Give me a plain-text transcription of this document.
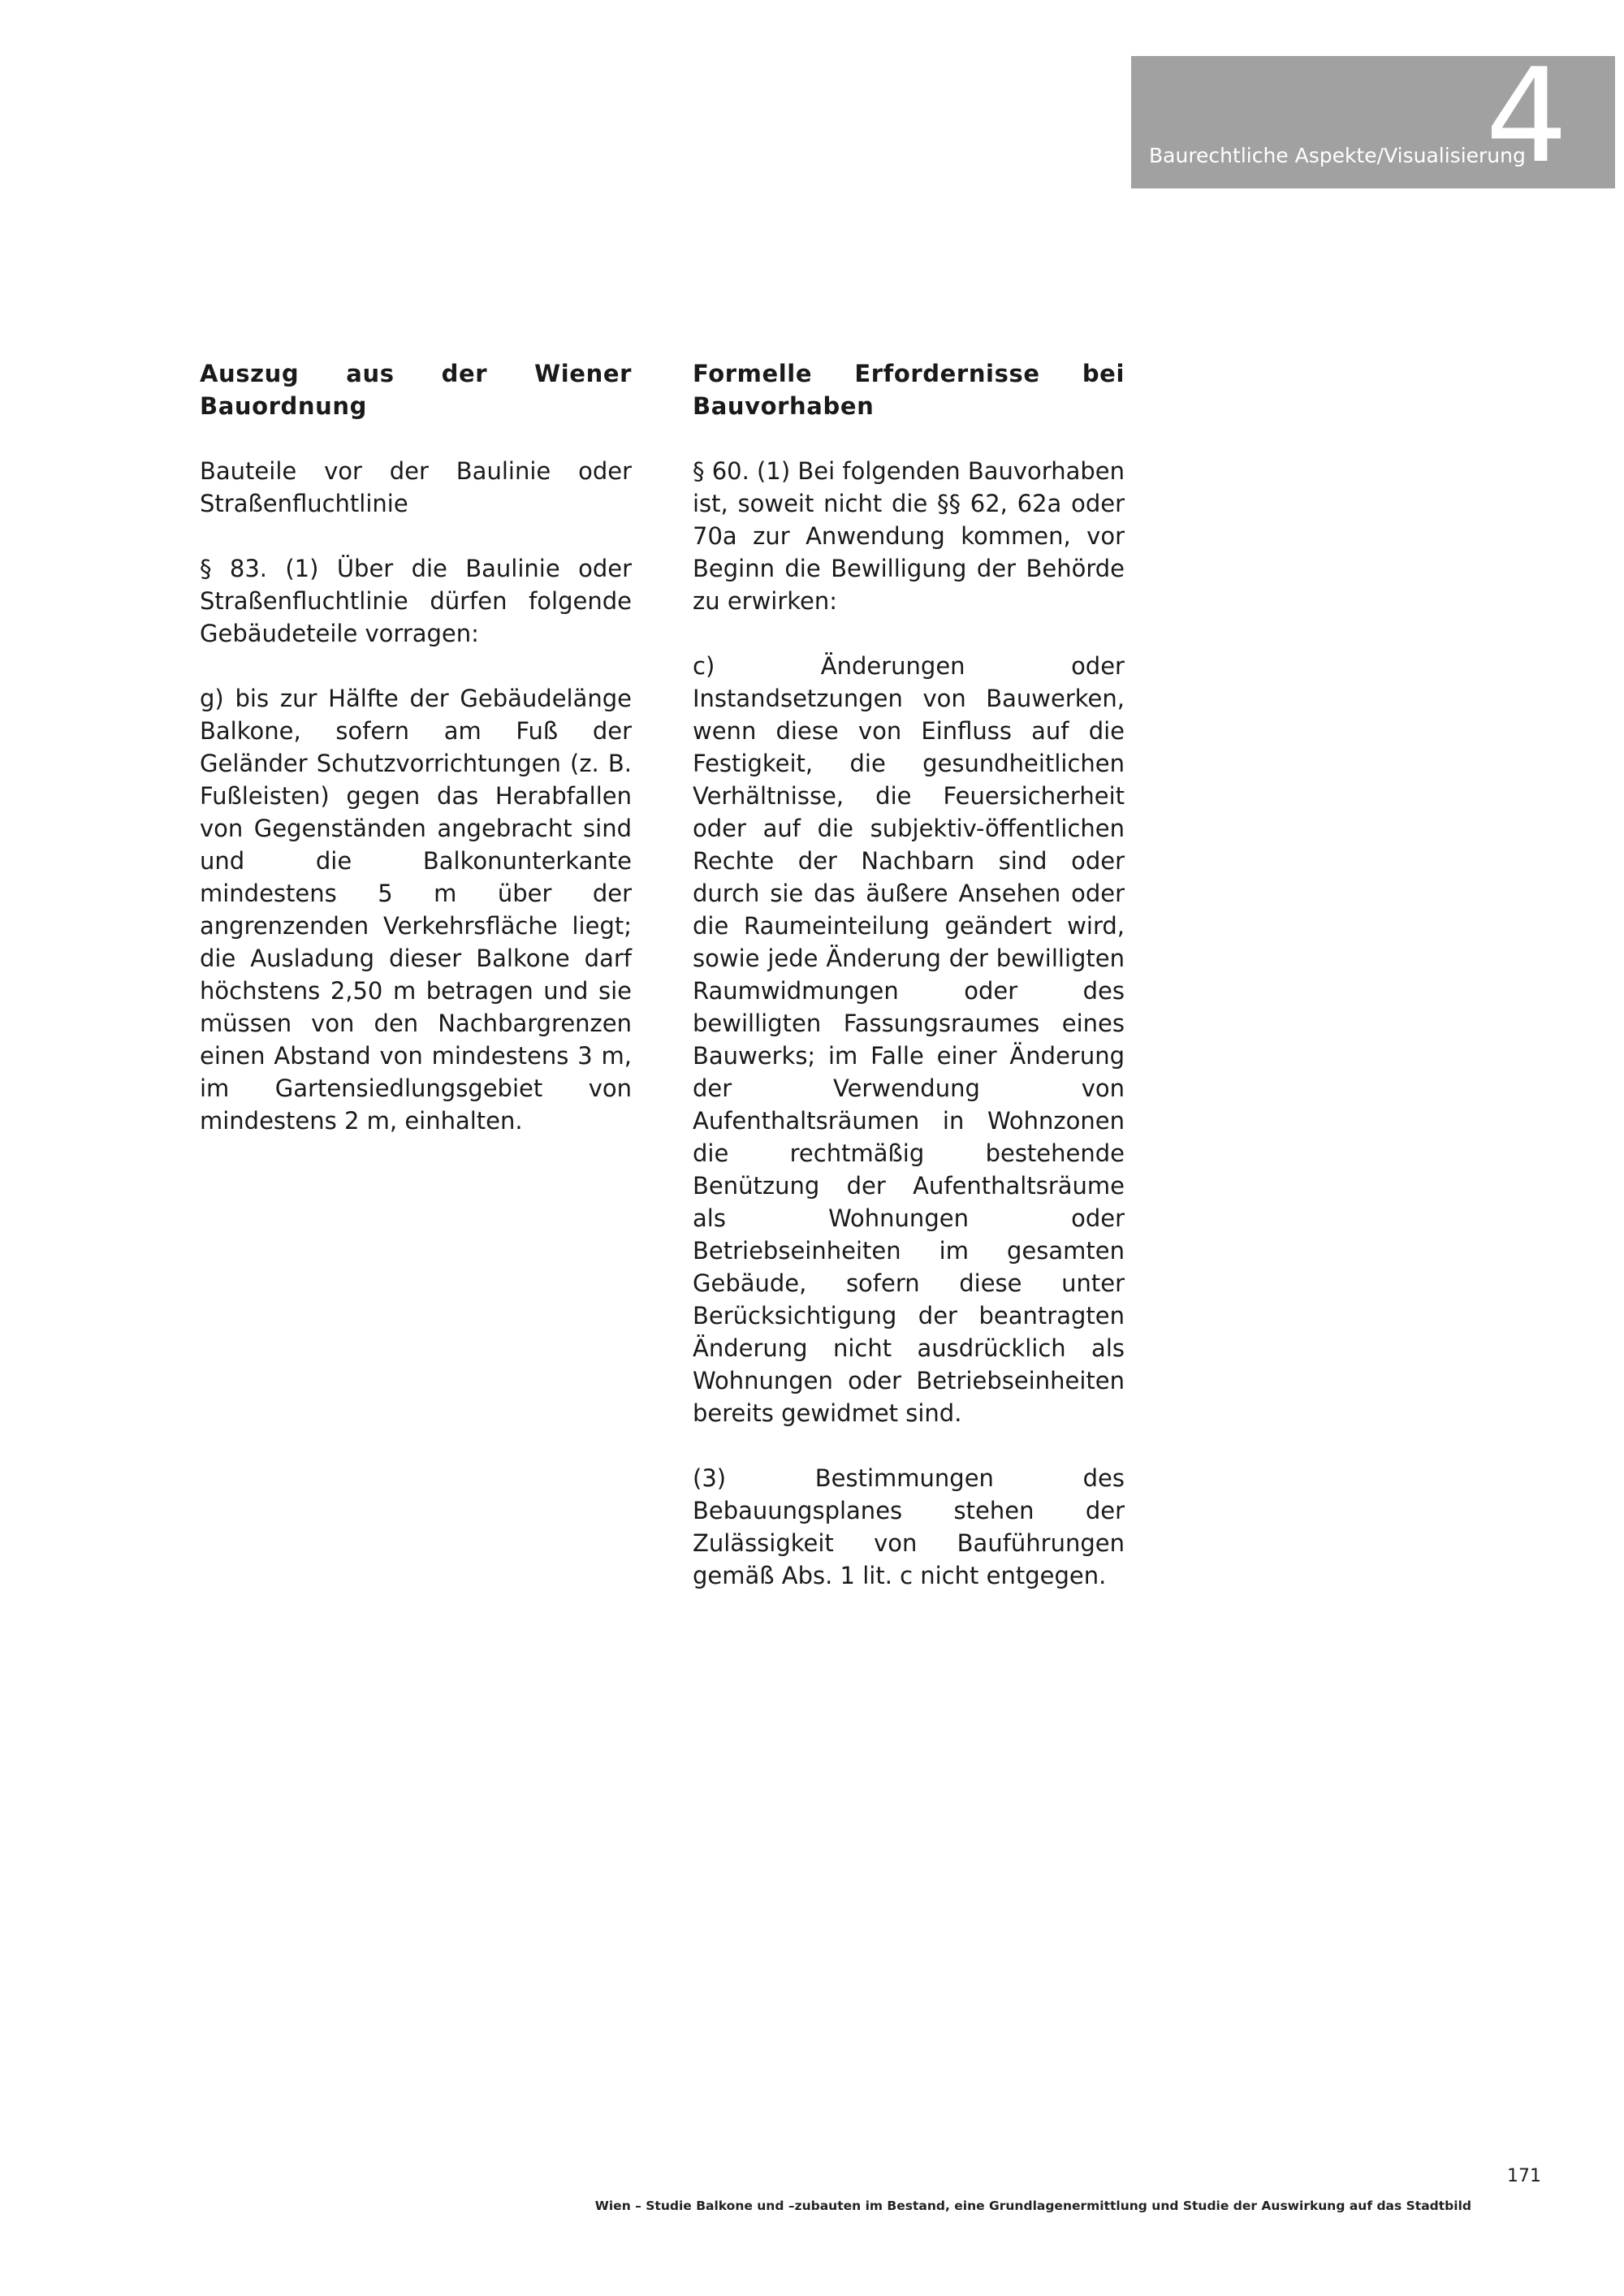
Baurechtliche Aspekte/Visualisierung
4
Auszug aus der Wiener Bauordnung

Bauteile vor der Baulinie oder Straßenfluchtlinie

§ 83. (1) Über die Baulinie oder Straßenfluchtlinie dürfen folgende Gebäudeteile vorragen:

g) bis zur Hälfte der Gebäudelänge Balkone, sofern am Fuß der Geländer Schutzvorrichtungen (z. B. Fußleisten) gegen das Herabfallen von Gegenständen angebracht sind und die Balkonunterkante mindestens 5 m über der angrenzenden Verkehrsfläche liegt; die Ausladung dieser Balkone darf höchstens 2,50 m betragen und sie müssen von den Nachbargrenzen einen Abstand von mindestens 3 m, im Gartensiedlungsgebiet von mindestens 2 m, einhalten.

Formelle Erfordernisse bei Bauvorhaben

§ 60. (1) Bei folgenden Bauvorhaben ist, soweit nicht die §§ 62, 62a oder 70a zur Anwendung kommen, vor Beginn die Bewilligung der Behörde zu erwirken:

c) Änderungen oder Instandsetzungen von Bauwerken, wenn diese von Einfluss auf die Festigkeit, die gesundheitlichen Verhältnisse, die Feuersicherheit oder auf die subjektiv-öffentlichen Rechte der Nachbarn sind oder durch sie das äußere Ansehen oder die Raumeinteilung geändert wird, sowie jede Änderung der bewilligten Raumwidmungen oder des bewilligten Fassungsraumes eines Bauwerks; im Falle einer Änderung der Verwendung von Aufenthaltsräumen in Wohnzonen die rechtmäßig bestehende Benützung der Aufenthaltsräume als Wohnungen oder Betriebseinheiten im gesamten Gebäude, sofern diese unter Berücksichtigung der beantragten Änderung nicht ausdrücklich als Wohnungen oder Betriebseinheiten bereits gewidmet sind.

(3) Bestimmungen des Bebauungsplanes stehen der Zulässigkeit von Bauführungen gemäß Abs. 1 lit. c nicht entgegen.

171
Wien – Studie Balkone und –zubauten im Bestand, eine Grundlagenermittlung und Studie der Auswirkung auf das Stadtbild
